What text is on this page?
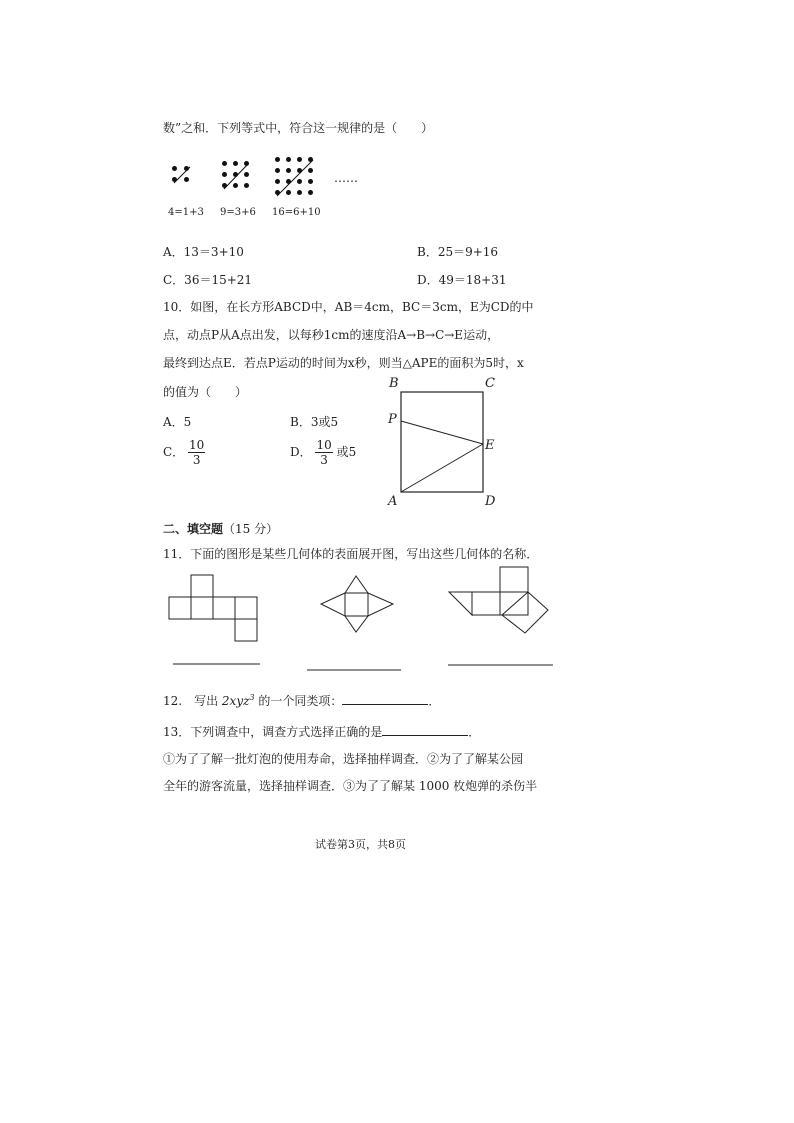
数”之和．下列等式中，符合这一规律的是（　　）
……
4=1+3 9=3+6 16=6+10
A．13＝3+10	B．25＝9+16
C．36＝15+21	D．49＝18+31
10．如图，在长方形ABCD中，AB＝4cm，BC＝3cm，E为CD的中
点，动点P从A点出发，以每秒1cm的速度沿A→B→C→E运动，
最终到达点E．若点P运动的时间为x秒，则当△APE的面积为5时，x
的值为（　　）
A．5	B．3或5
C． $\frac{10}{3}$	D． $\frac{10}{3}$ 或5
B	C
P
E
A	D
二、填空题（15 分）
11．下面的图形是某些几何体的表面展开图，写出这些几何体的名称．
12.　写出 2xyz$^3$ 的一个同类项：	．
13．下列调查中，调查方式选择正确的是	．
①为了了解一批灯泡的使用寿命，选择抽样调查．②为了了解某公园
全年的游客流量，选择抽样调查．③为了了解某 1000 枚炮弹的杀伤半
试卷第3页，共8页
